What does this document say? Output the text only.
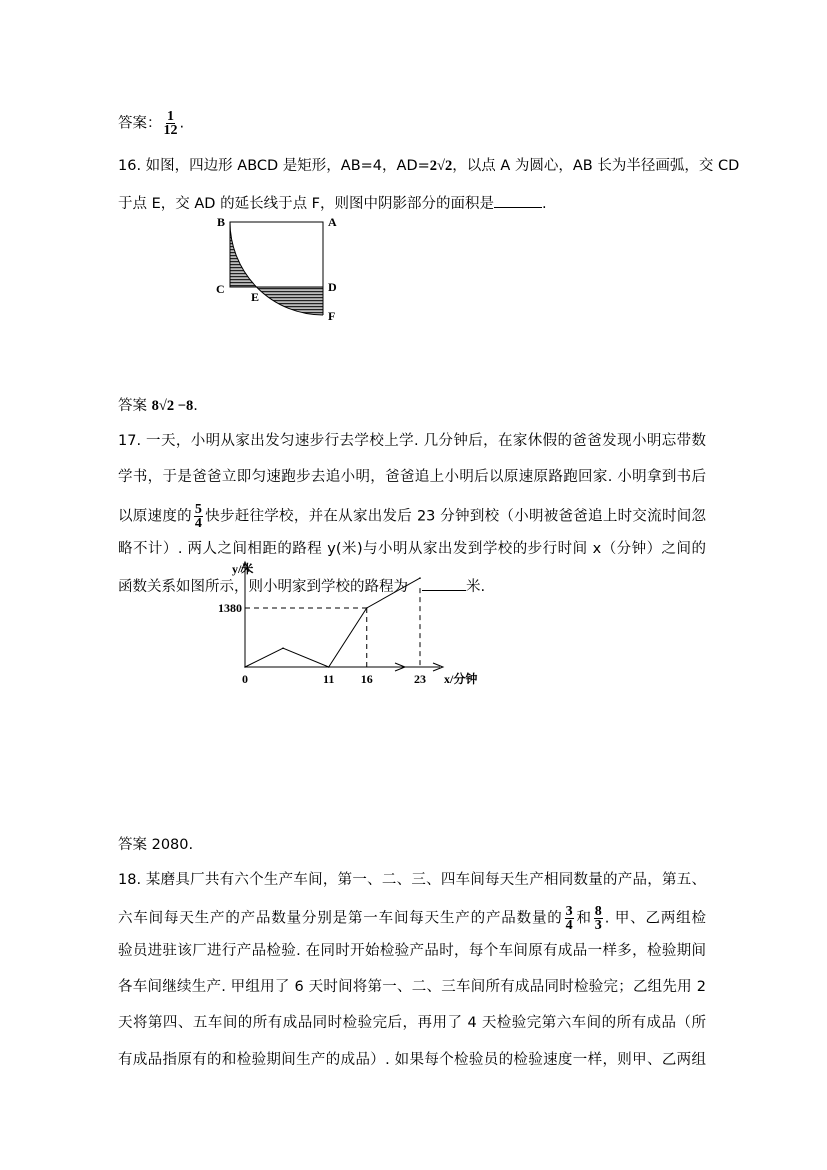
答案： $\frac{1}{12}$ .
16. 如图，四边形 ABCD 是矩形，AB=4，AD=2√2，以点 A 为圆心，AB 长为半径画弧，交 CD
于点 E，交 AD 的延长线于点 F，则图中阴影部分的面积是	.
B	A
C	D
E
F
答案 8√2 −8.
17. 一天，小明从家出发匀速步行去学校上学. 几分钟后，在家休假的爸爸发现小明忘带数
学书，于是爸爸立即匀速跑步去追小明，爸爸追上小明后以原速原路跑回家. 小明拿到书后
以原速度的 $\frac{5}{4}$ 快步赶往学校，并在从家出发后 23 分钟到校（小明被爸爸追上时交流时间忽
略不计）. 两人之间相距的路程 y(米)与小明从家出发到学校的步行时间 x（分钟）之间的
函数关系如图所示，则小明家到学校的路程为	米.
0	11 16	23
1380
y/米
x/分钟
答案 2080.
18. 某磨具厂共有六个生产车间，第一、二、三、四车间每天生产相同数量的产品，第五、
六车间每天生产的产品数量分别是第一车间每天生产的产品数量的 $\frac{3}{4}$ 和 $\frac{8}{3}$ . 甲、乙两组检
验员进驻该厂进行产品检验. 在同时开始检验产品时，每个车间原有成品一样多，检验期间
各车间继续生产. 甲组用了 6 天时间将第一、二、三车间所有成品同时检验完；乙组先用 2
天将第四、五车间的所有成品同时检验完后，再用了 4 天检验完第六车间的所有成品（所
有成品指原有的和检验期间生产的成品）. 如果每个检验员的检验速度一样，则甲、乙两组
